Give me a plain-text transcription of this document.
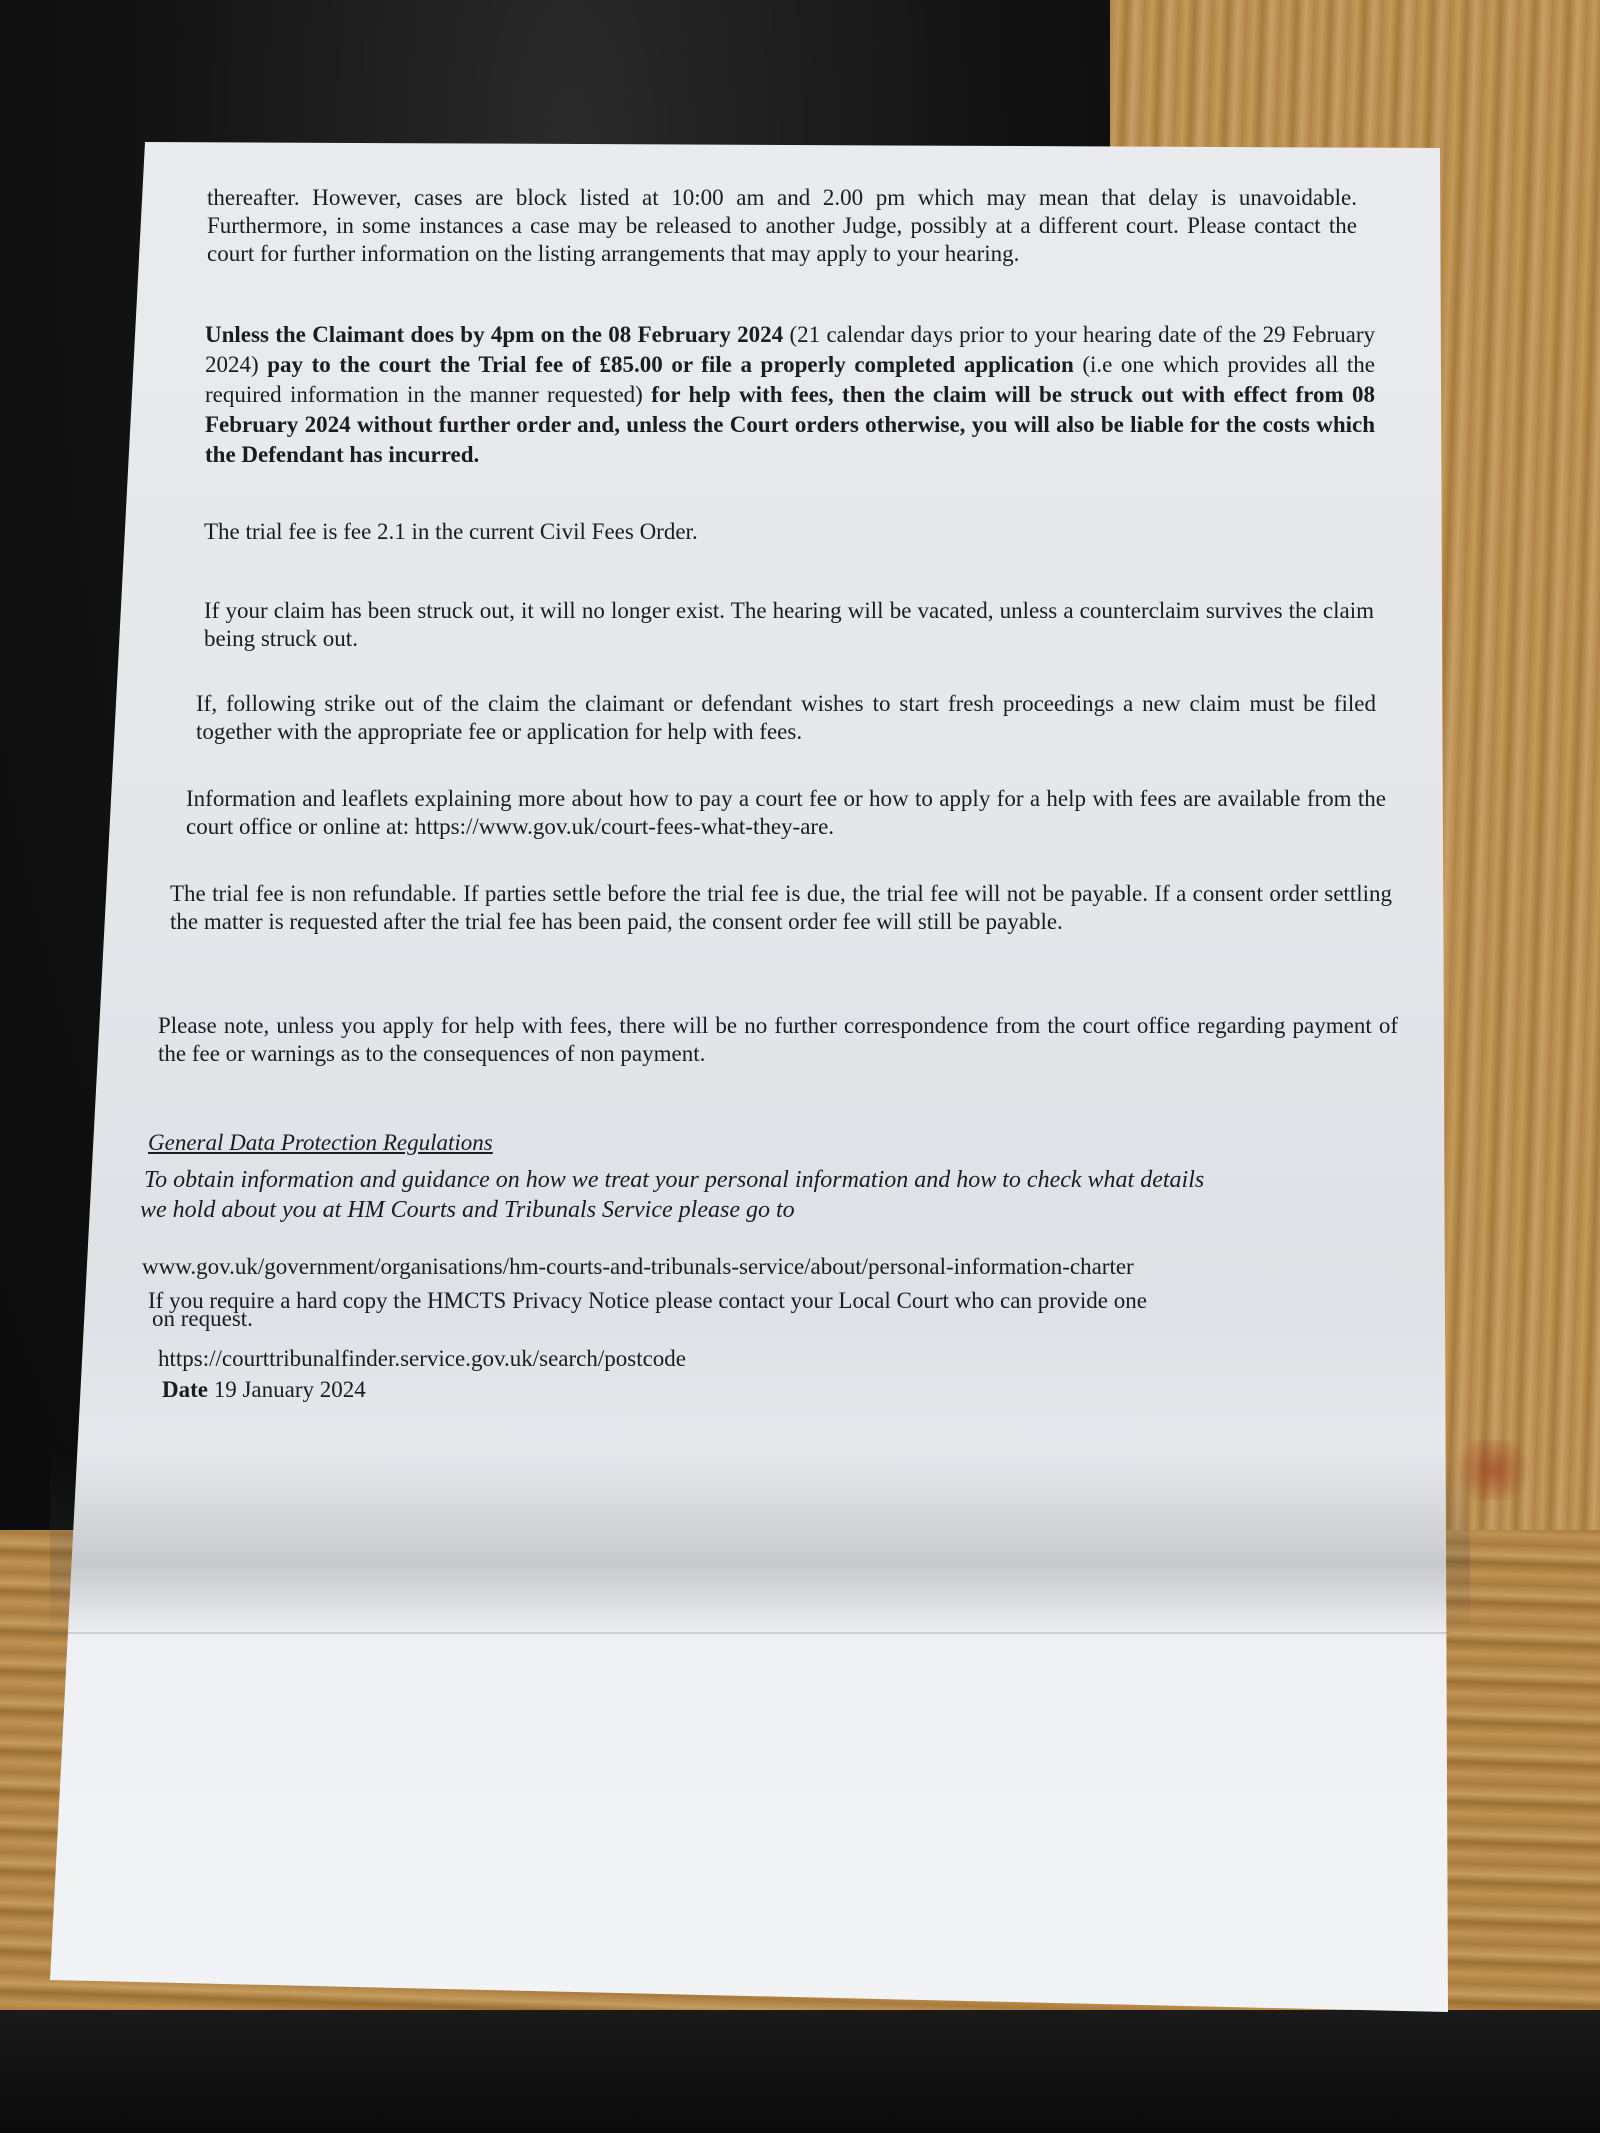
thereafter. However, cases are block listed at 10:00 am and 2.00 pm which may mean that delay is unavoidable. Furthermore, in some instances a case may be released to another Judge, possibly at a different court. Please contact the court for further information on the listing arrangements that may apply to your hearing.
Unless the Claimant does by 4pm on the 08 February 2024 (21 calendar days prior to your hearing date of the 29 February 2024) pay to the court the Trial fee of £85.00 or file a properly completed application (i.e one which provides all the required information in the manner requested) for help with fees, then the claim will be struck out with effect from 08 February 2024 without further order and, unless the Court orders otherwise, you will also be liable for the costs which the Defendant has incurred.
The trial fee is fee 2.1 in the current Civil Fees Order.
If your claim has been struck out, it will no longer exist. The hearing will be vacated, unless a counterclaim survives the claim being struck out.
If, following strike out of the claim the claimant or defendant wishes to start fresh proceedings a new claim must be filed together with the appropriate fee or application for help with fees.
Information and leaflets explaining more about how to pay a court fee or how to apply for a help with fees are available from the court office or online at: https://www.gov.uk/court-fees-what-they-are.
The trial fee is non refundable. If parties settle before the trial fee is due, the trial fee will not be payable. If a consent order settling the matter is requested after the trial fee has been paid, the consent order fee will still be payable.
Please note, unless you apply for help with fees, there will be no further correspondence from the court office regarding payment of the fee or warnings as to the consequences of non payment.
General Data Protection Regulations
To obtain information and guidance on how we treat your personal information and how to check what details
we hold about you at HM Courts and Tribunals Service please go to
www.gov.uk/government/organisations/hm-courts-and-tribunals-service/about/personal-information-charter
If you require a hard copy the HMCTS Privacy Notice please contact your Local Court who can provide one
on request.
https://courttribunalfinder.service.gov.uk/search/postcode
Date 19 January 2024
